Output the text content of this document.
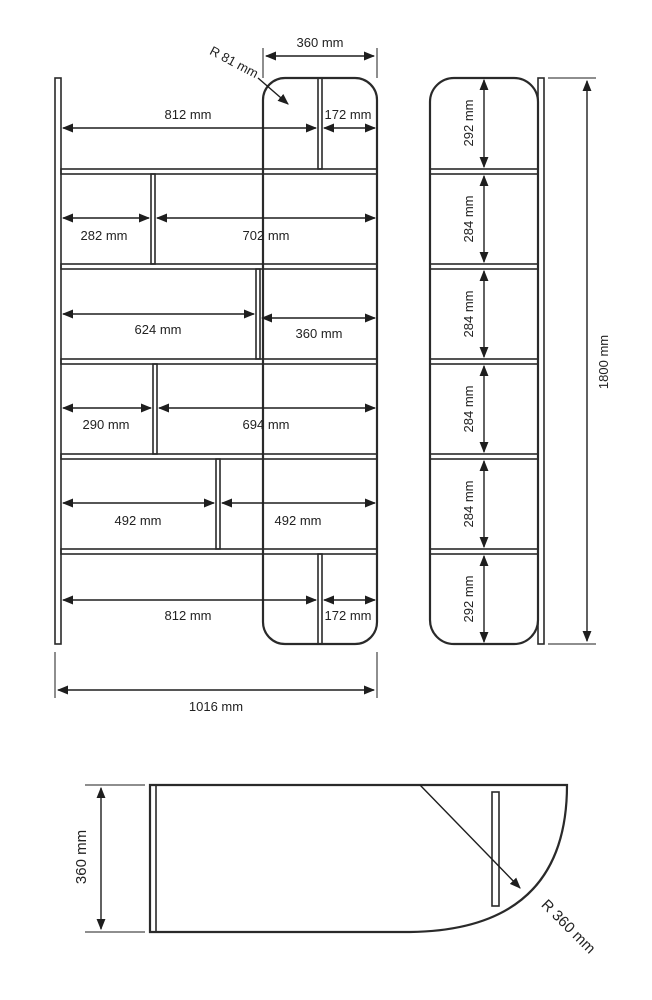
360 mm
R 81 mm
812 mm	172 mm
282 mm	702 mm
624 mm	360 mm
290 mm	694 mm
492 mm	492 mm
812 mm	172 mm
1016 mm
292 mm
284 mm
284 mm
284 mm
284 mm
292 mm
1800 mm
360 mm
R 360 mm
